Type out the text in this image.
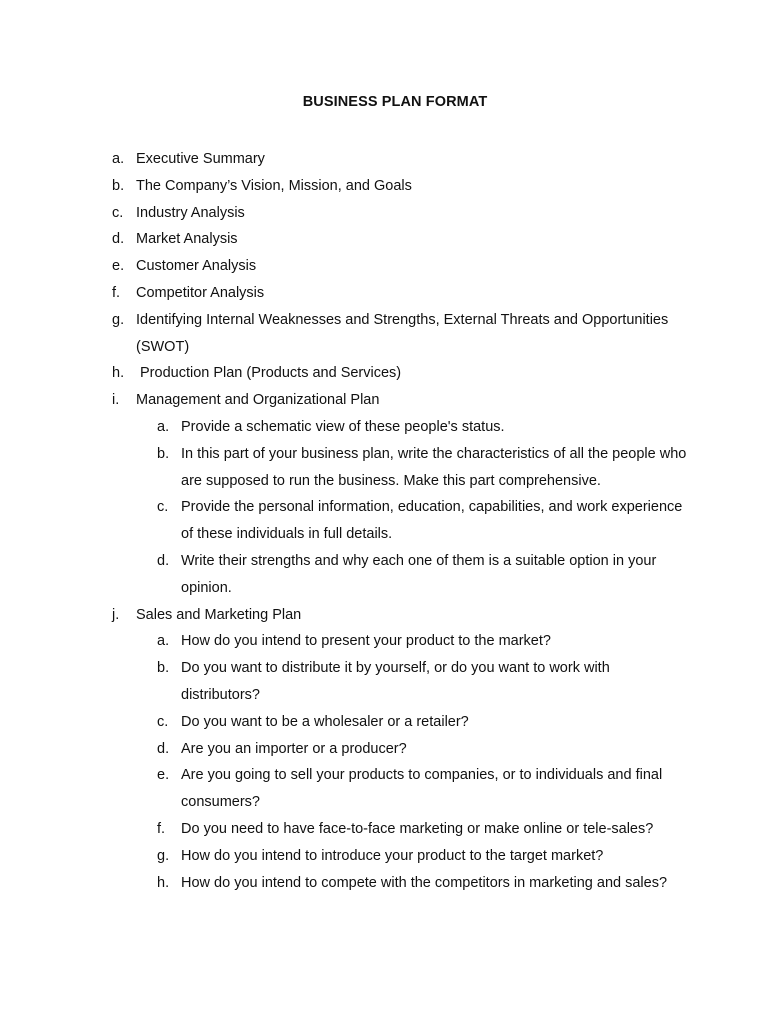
BUSINESS PLAN FORMAT
a. Executive Summary
b. The Company’s Vision, Mission, and Goals
c. Industry Analysis
d. Market Analysis
e. Customer Analysis
f.	Competitor Analysis
g. Identifying Internal Weaknesses and Strengths, External Threats and Opportunities (SWOT)
h.	Production Plan (Products and Services)
i.	Management and Organizational Plan
a. Provide a schematic view of these people's status.
b. In this part of your business plan, write the characteristics of all the people who are supposed to run the business. Make this part comprehensive.
c. Provide the personal information, education, capabilities, and work experience of these individuals in full details.
d. Write their strengths and why each one of them is a suitable option in your opinion.
j.	Sales and Marketing Plan
a. How do you intend to present your product to the market?
b. Do you want to distribute it by yourself, or do you want to work with distributors?
c. Do you want to be a wholesaler or a retailer?
d. Are you an importer or a producer?
e. Are you going to sell your products to companies, or to individuals and final consumers?
f.	Do you need to have face-to-face marketing or make online or tele-sales?
g. How do you intend to introduce your product to the target market?
h. How do you intend to compete with the competitors in marketing and sales?
